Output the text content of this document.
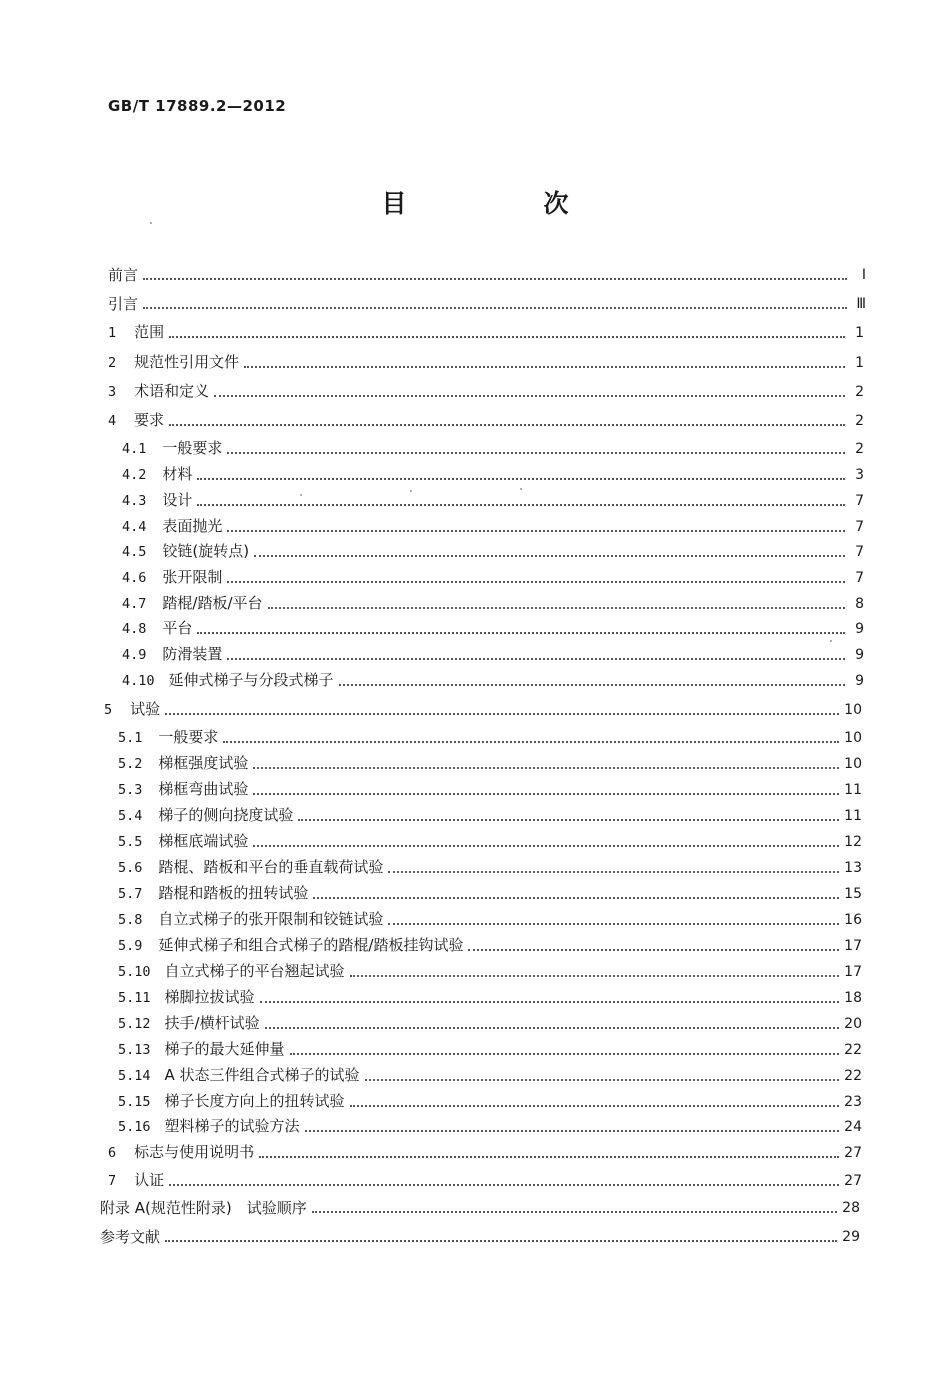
GB/T 17889.2—2012
目　次
前言	Ⅰ
引言	Ⅲ
1 范围	1
2 规范性引用文件	1
3 术语和定义	2
4 要求	2
4.1 一般要求	2
4.2 材料	3
4.3 设计	7
4.4 表面抛光	7
4.5 铰链(旋转点)	7
4.6 张开限制	7
4.7 踏棍/踏板/平台	8
4.8 平台	9
4.9 防滑装置	9
4.10 延伸式梯子与分段式梯子	9
5 试验	10
5.1 一般要求	10
5.2 梯框强度试验	10
5.3 梯框弯曲试验	11
5.4 梯子的侧向挠度试验	11
5.5 梯框底端试验	12
5.6 踏棍、踏板和平台的垂直载荷试验	13
5.7 踏棍和踏板的扭转试验	15
5.8 自立式梯子的张开限制和铰链试验	16
5.9 延伸式梯子和组合式梯子的踏棍/踏板挂钩试验	17
5.10 自立式梯子的平台翘起试验	17
5.11 梯脚拉拔试验	18
5.12 扶手/横杆试验	20
5.13 梯子的最大延伸量	22
5.14 A 状态三件组合式梯子的试验	22
5.15 梯子长度方向上的扭转试验	23
5.16 塑料梯子的试验方法	24
6 标志与使用说明书	27
7 认证	27
附录 A(规范性附录)　试验顺序	28
参考文献	29
